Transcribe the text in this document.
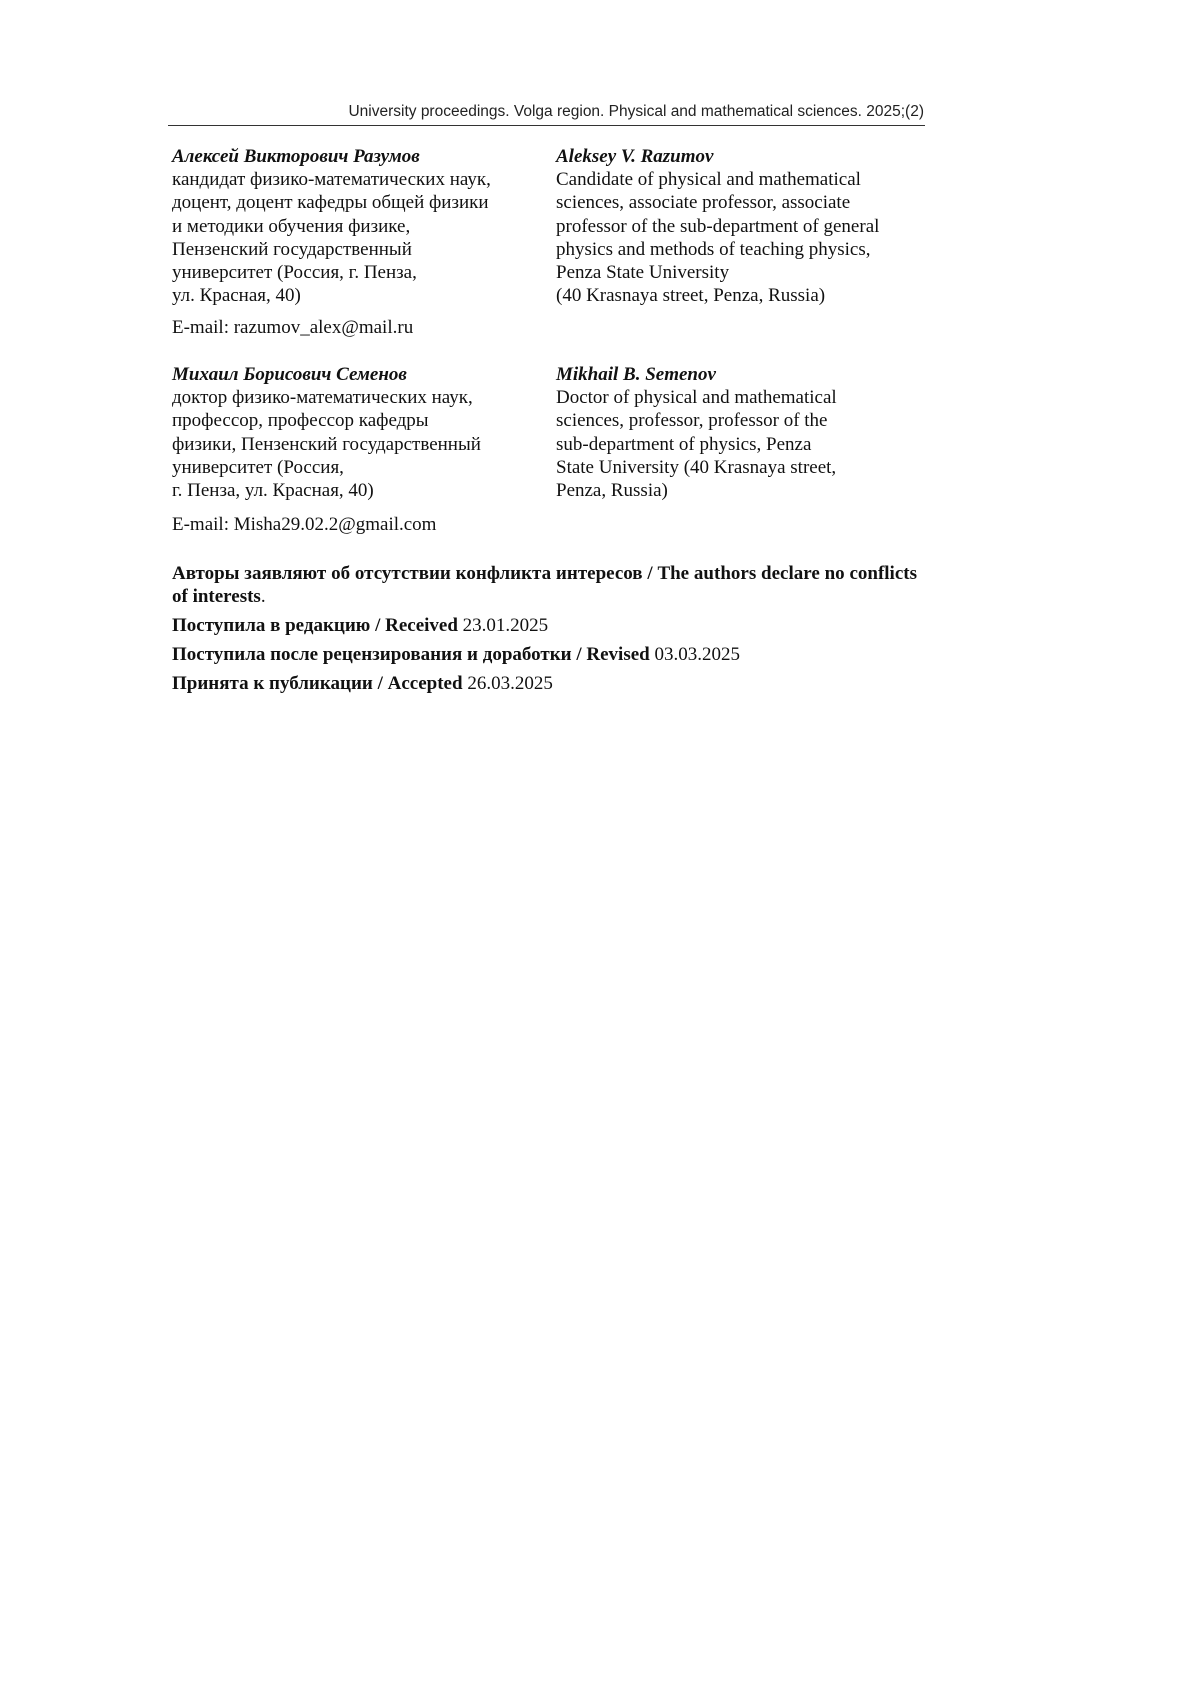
University proceedings. Volga region. Physical and mathematical sciences. 2025;(2)
Алексей Викторович Разумов
кандидат физико-математических наук,
доцент, доцент кафедры общей физики
и методики обучения физике,
Пензенский государственный
университет (Россия, г. Пенза,
ул. Красная, 40)
Aleksey V. Razumov
Candidate of physical and mathematical
sciences, associate professor, associate
professor of the sub-department of general
physics and methods of teaching physics,
Penza State University
(40 Krasnaya street, Penza, Russia)
E-mail: razumov_alex@mail.ru
Михаил Борисович Семенов
доктор физико-математических наук,
профессор, профессор кафедры
физики, Пензенский государственный
университет (Россия,
г. Пенза, ул. Красная, 40)
Mikhail B. Semenov
Doctor of physical and mathematical
sciences, professor, professor of the
sub-department of physics, Penza
State University (40 Krasnaya street,
Penza, Russia)
E-mail: Misha29.02.2@gmail.com

Авторы заявляют об отсутствии конфликта интересов / The authors declare no conflicts of interests.

Поступила в редакцию / Received 23.01.2025

Поступила после рецензирования и доработки / Revised 03.03.2025

Принята к публикации / Accepted 26.03.2025
